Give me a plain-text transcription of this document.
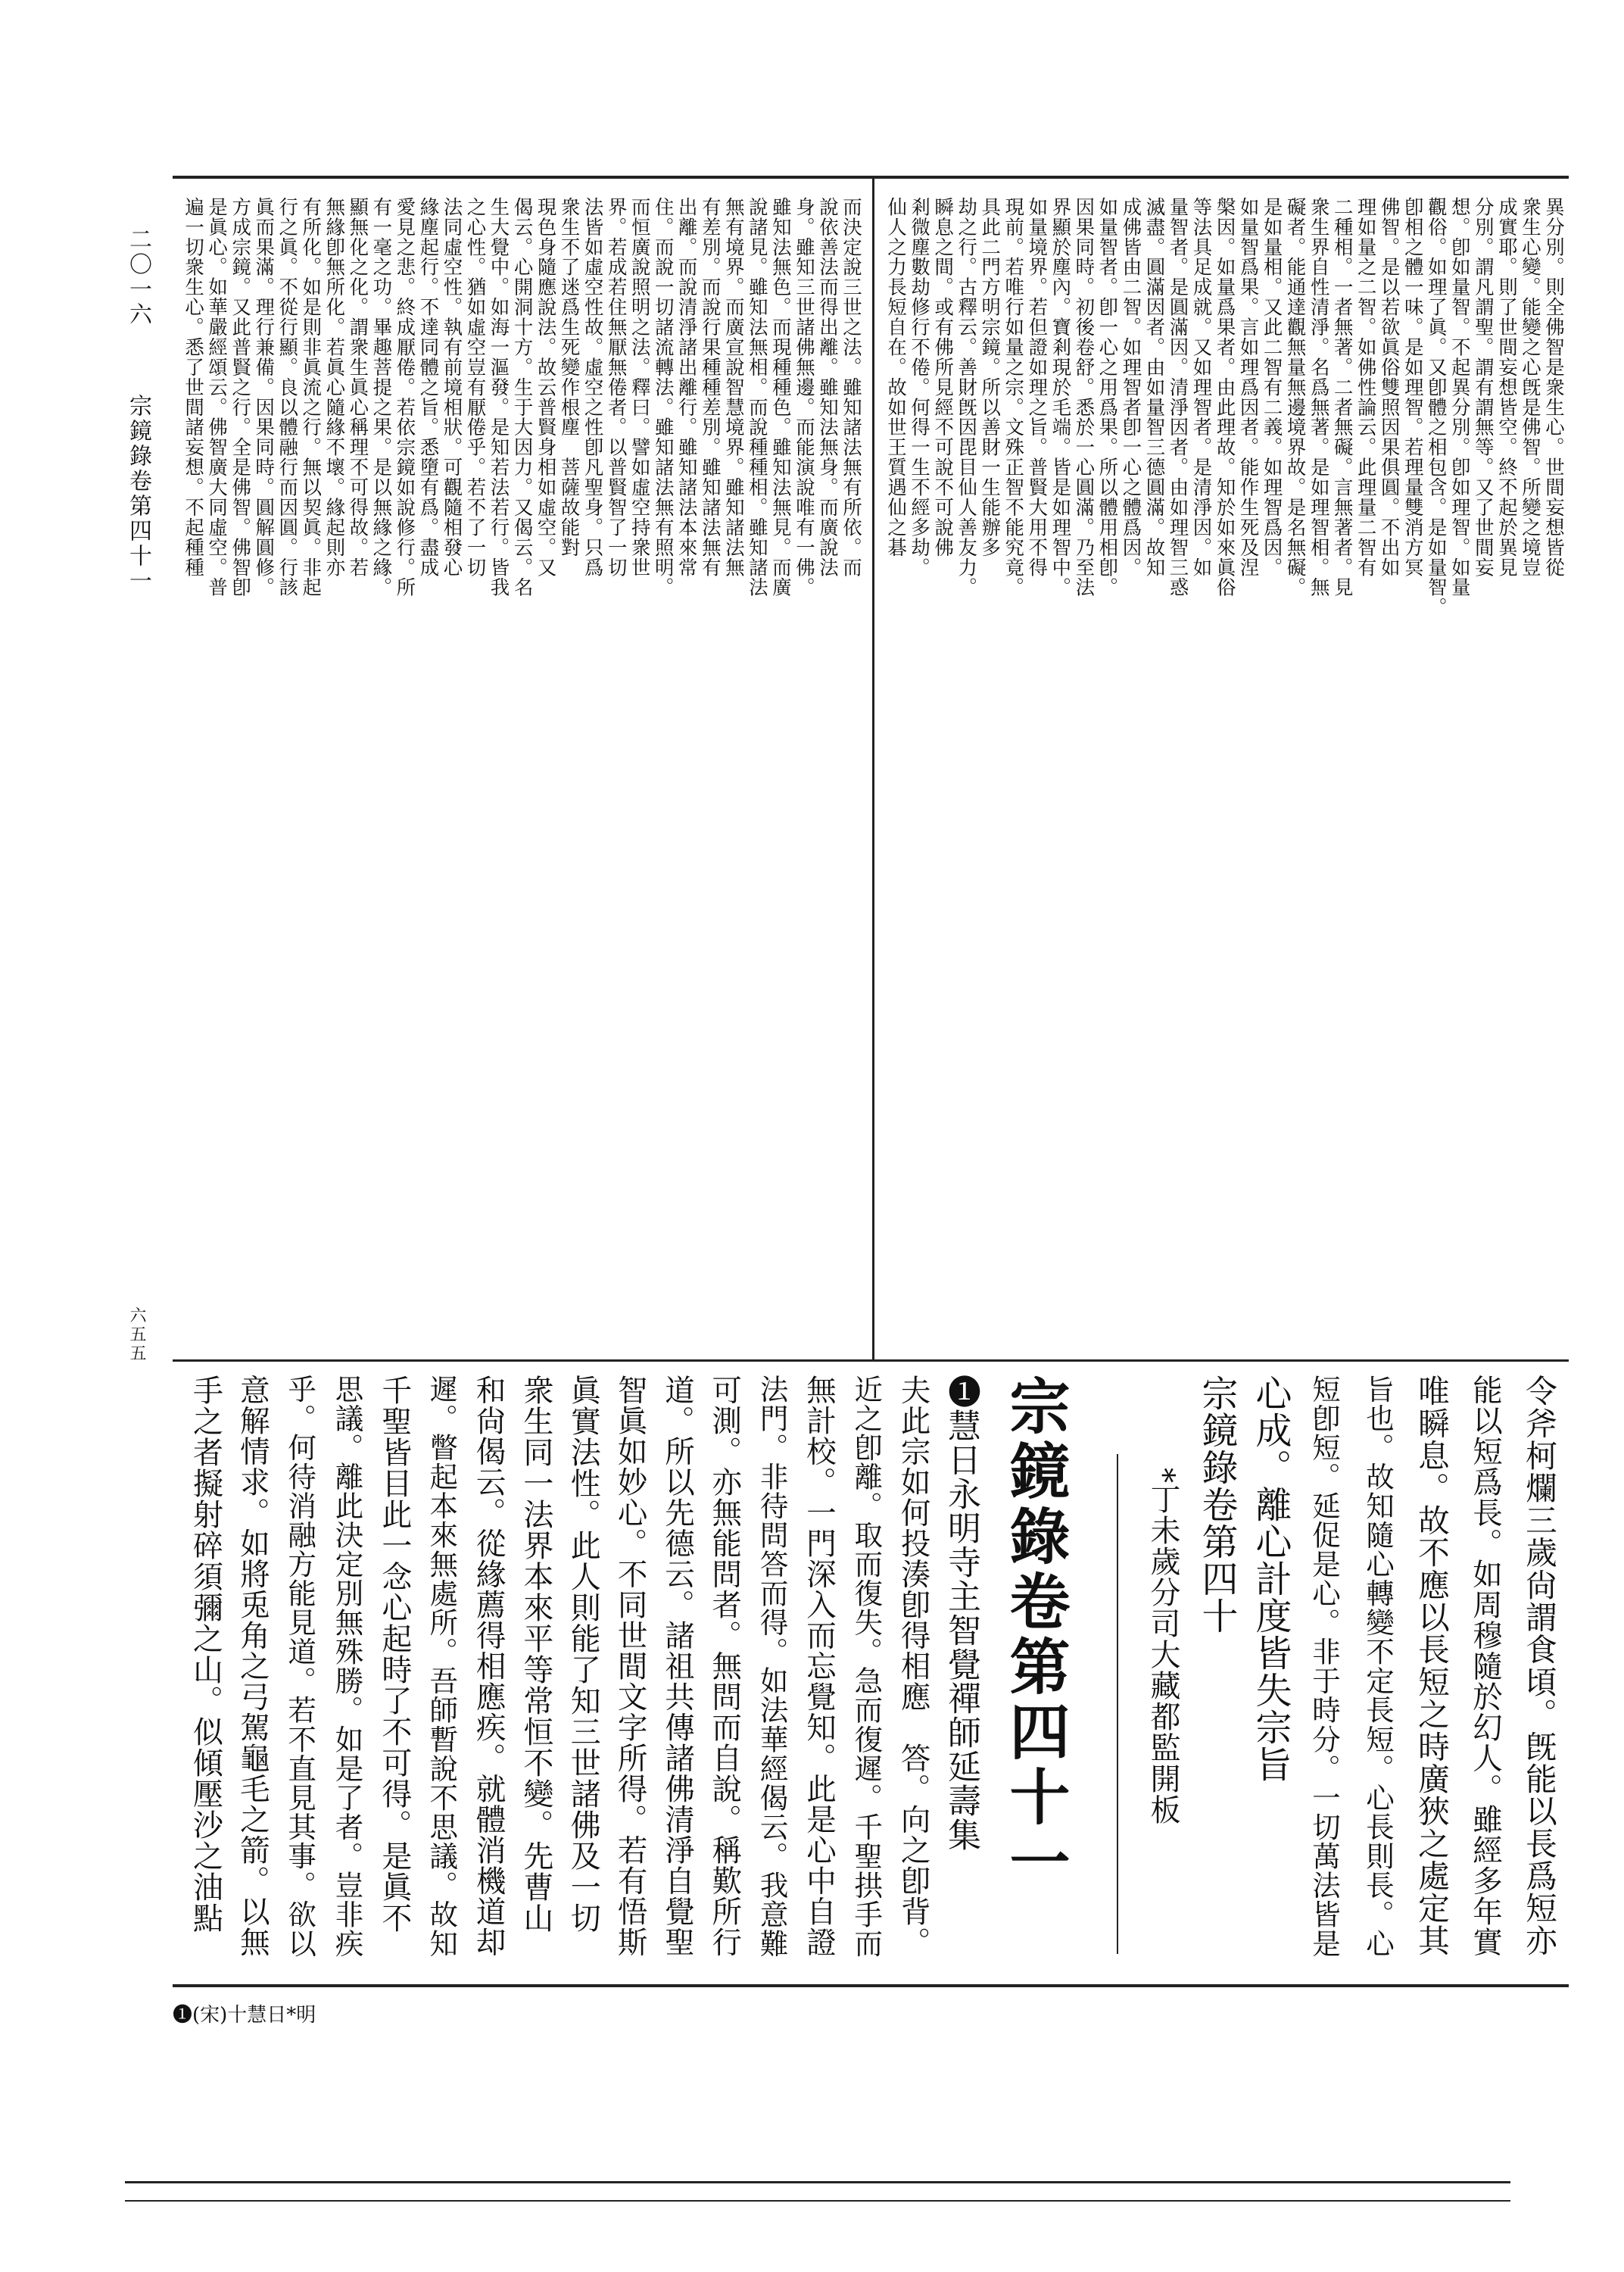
二〇一六
宗鏡錄卷第四十一
六五五
異分別。則全佛智是衆生心。世間妄想皆從
衆生心變。能變之心旣是佛智。所變之境豈
成實耶。則了世間妄想皆空。終不起於異見
分別。謂凡謂聖。謂有謂無等。又了世間妄
想。卽如量智。不起異分別。卽如理智。如量
觀俗。如理了眞。又卽體之相包含。是如量智。
卽相之體一味。是如理智。若理量雙消方冥
佛智。是以若欲眞俗雙照因果俱圓。不出如
理如量之二智。如佛性論云。此理量二智有
二種相。一者無著。二者無礙。言無著者。見
衆生界自性清淨。名爲無著。是如理智相。無
礙者。能通達觀無量無邊境界故。是名無礙。
是如量相。又此二智有二義。如理智爲因。
如量智爲果。言如理爲因者。能作生死及涅
槃因。如量爲果者。由此理故。知於如來眞俗
等法具足成就。又如理智者。是清淨因。如
量智者。是圓滿因。清淨因者。由如理智三惑
滅盡。圓滿因者。由如量智三德圓滿。故知
成佛皆由二智。如理智者卽一心之體爲因。
如量智者。卽一心之用爲果。所以體用相卽。
因果同時。初後卷舒。悉於一心圓滿。乃至法
界顯於塵內。寶剎現於毛端。皆是如理智中。
如量境界。若但證如理之旨。普賢大用不得
現前。若唯行如量之宗。文殊正智不能究竟。
具此二門方明宗鏡。所以善財一生能辦多
劫之行。古釋云。善財旣因毘目仙人善友力。
瞬息之間。或有佛所見經不可說不可說佛
剎微塵數劫修行不倦。何得一生不經多劫。
仙人之力長短自在。故如世王質遇仙之碁
而決定說三世之法。雖知諸法無有所依。而
說依善法而得出離。雖知法無身。而廣說法
身。雖知三世諸佛無邊。而能演說唯有一佛。
雖知法無色。而現種種色。雖知法無見。而廣
說諸見。雖知法無相。而說種種相。雖知諸法
無有境界。而廣宣說智慧境界。雖知諸法無
有差別。而說行果種種差別。雖知諸法無有
出離。而說清淨諸出離行。雖知諸法本來常
住。而說一切諸流轉法。雖知諸法無有照明。
而恒廣說照明之法。釋曰。譬如虛空持衆世
界。若成若住無厭無倦者。以普賢智了一切
法皆如虛空性故。虛空之性卽凡聖身。只爲
衆生不了迷爲生死變作根塵　菩薩故能對
現色身隨應說法。故云普賢身相如虛空。又
偈云。心開洞十方。生于大因力。又偈云。名
生大覺中。如海一漚發。是知若法若行。皆我
之心性。猶如虛空豈有厭倦乎。若不了一切
法同虛空性。執有前境相狀。可觀隨相發心
緣塵起行。不達同體之旨。悉墮有爲。盡成
愛見之悲。終成厭倦。若依宗鏡如說修行。所
有一毫之功。畢趣菩提之果。是以無緣之緣。
顯無化之化。謂衆生眞心稱理不可得故。若
無緣卽無所化。若眞心隨緣不壞。緣起則亦
有所化。如是則非眞流之行。無以契眞。非起
行之眞。不從行顯。良以體融行而因圓。行該
眞而果滿。理行兼備。因果同時。圓解圓修。
方成宗鏡。又此普賢之行。全是佛智。佛智卽
是眞心。如華嚴經頌云。佛智廣大同虛空。普
遍一切衆生心。悉了世間諸妄想。不起種種
令斧柯爛三歲尙謂食頃。旣能以長爲短亦
能以短爲長。如周穆隨於幻人。雖經多年實
唯瞬息。故不應以長短之時廣狹之處定其
旨也。故知隨心轉變不定長短。心長則長。心
短卽短。延促是心。非于時分。一切萬法皆是
心成。離心計度皆失宗旨
宗鏡錄卷第四十
　　　*丁未歲分司大藏都監開板
宗鏡錄卷第四十一
❶慧日永明寺主智覺禪師延壽集
夫此宗如何投湊卽得相應　答。向之卽背。
近之卽離。取而復失。急而復遲。千聖拱手而
無計校。一門深入而忘覺知。此是心中自證
法門。非待問答而得。如法華經偈云。我意難
可測。亦無能問者。無問而自說。稱歎所行
道。所以先德云。諸祖共傳諸佛清淨自覺聖
智眞如妙心。不同世間文字所得。若有悟斯
眞實法性。此人則能了知三世諸佛及一切
衆生同一法界本來平等常恒不變。先曹山
和尙偈云。從緣薦得相應疾。就體消機道却
遲。瞥起本來無處所。吾師暫說不思議。故知
千聖皆目此一念心起時了不可得。是眞不
思議。離此決定別無殊勝。如是了者。豈非疾
乎。何待消融方能見道。若不直見其事。欲以
意解情求。如將兎角之弓駕龜毛之箭。以無
手之者擬射碎須彌之山。似傾壓沙之油點
❶(宋)十慧日*明
